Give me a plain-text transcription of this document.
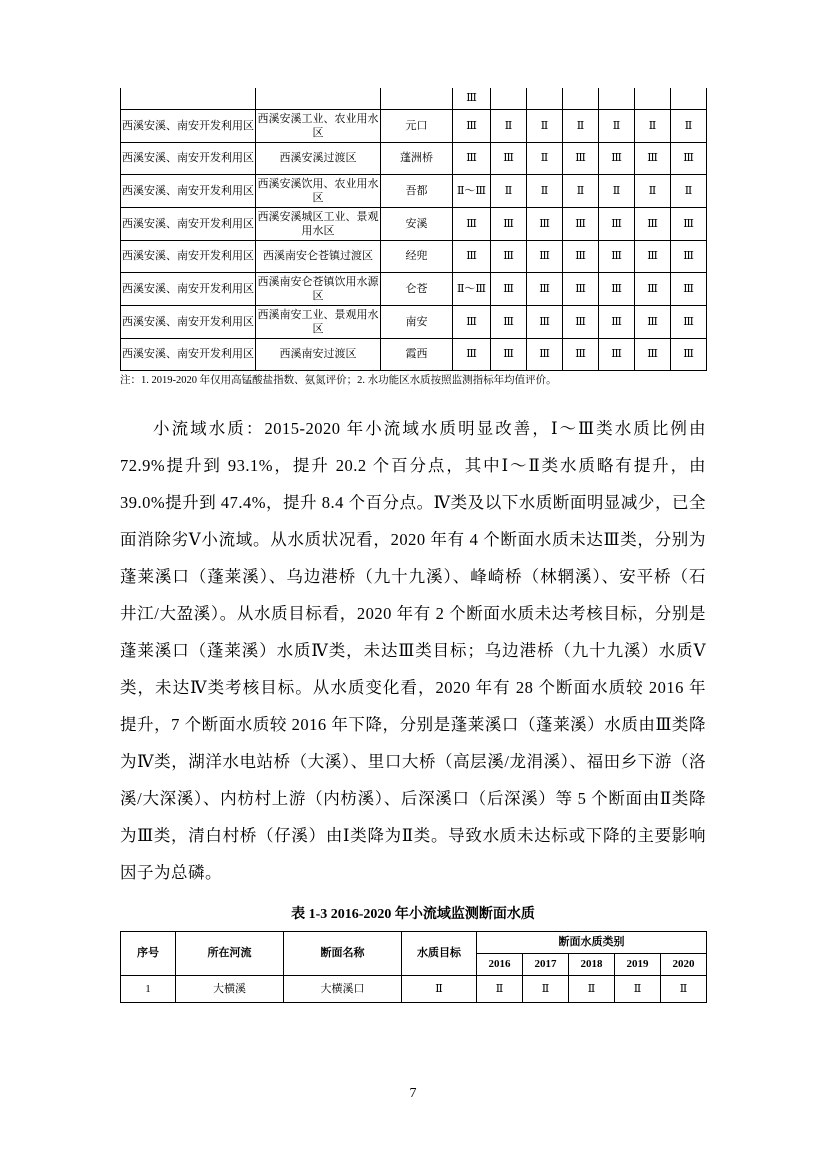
			Ⅲ						
西溪安溪、南安开发利用区	西溪安溪工业、农业用水区	元口	Ⅲ	Ⅱ	Ⅱ	Ⅱ	Ⅱ	Ⅱ	Ⅱ
西溪安溪、南安开发利用区	西溪安溪过渡区	蓬洲桥	Ⅲ	Ⅲ	Ⅱ	Ⅲ	Ⅲ	Ⅲ	Ⅲ
西溪安溪、南安开发利用区	西溪安溪饮用、农业用水区	吾都	Ⅱ～Ⅲ	Ⅱ	Ⅱ	Ⅱ	Ⅱ	Ⅱ	Ⅱ
西溪安溪、南安开发利用区	西溪安溪城区工业、景观用水区	安溪	Ⅲ	Ⅲ	Ⅲ	Ⅲ	Ⅲ	Ⅲ	Ⅲ
西溪安溪、南安开发利用区	西溪南安仑苍镇过渡区	经兜	Ⅲ	Ⅲ	Ⅲ	Ⅲ	Ⅲ	Ⅲ	Ⅲ
西溪安溪、南安开发利用区	西溪南安仑苍镇饮用水源区	仑苍	Ⅱ～Ⅲ	Ⅲ	Ⅲ	Ⅲ	Ⅲ	Ⅲ	Ⅲ
西溪安溪、南安开发利用区	西溪南安工业、景观用水区	南安	Ⅲ	Ⅲ	Ⅲ	Ⅲ	Ⅲ	Ⅲ	Ⅲ
西溪安溪、南安开发利用区	西溪南安过渡区	霞西	Ⅲ	Ⅲ	Ⅲ	Ⅲ	Ⅲ	Ⅲ	Ⅲ
注：1. 2019-2020 年仅用高锰酸盐指数、氨氮评价；2. 水功能区水质按照监测指标年均值评价。

小流域水质：2015-2020 年小流域水质明显改善，Ⅰ～Ⅲ类水质比例由 72.9%提升到 93.1%，提升 20.2 个百分点，其中Ⅰ～Ⅱ类水质略有提升，由 39.0%提升到 47.4%，提升 8.4 个百分点。Ⅳ类及以下水质断面明显减少，已全面消除劣Ⅴ小流域。从水质状况看，2020 年有 4 个断面水质未达Ⅲ类，分别为蓬莱溪口（蓬莱溪）、乌边港桥（九十九溪）、峰崎桥（林辋溪）、安平桥（石井江/大盈溪）。从水质目标看，2020 年有 2 个断面水质未达考核目标，分别是蓬莱溪口（蓬莱溪）水质Ⅳ类，未达Ⅲ类目标；乌边港桥（九十九溪）水质Ⅴ类，未达Ⅳ类考核目标。从水质变化看，2020 年有 28 个断面水质较 2016 年提升，7 个断面水质较 2016 年下降，分别是蓬莱溪口（蓬莱溪）水质由Ⅲ类降为Ⅳ类，湖洋水电站桥（大溪）、里口大桥（高层溪/龙涓溪）、福田乡下游（洛溪/大深溪）、内枋村上游（内枋溪）、后深溪口（后深溪）等 5 个断面由Ⅱ类降为Ⅲ类，清白村桥（仔溪）由Ⅰ类降为Ⅱ类。导致水质未达标或下降的主要影响因子为总磷。

表 1-3 2016-2020 年小流域监测断面水质
序号	所在河流	断面名称	水质目标	断面水质类别				
				2016	2017	2018	2019	2020
1	大横溪	大横溪口	Ⅱ	Ⅱ	Ⅱ	Ⅱ	Ⅱ	Ⅱ
7
